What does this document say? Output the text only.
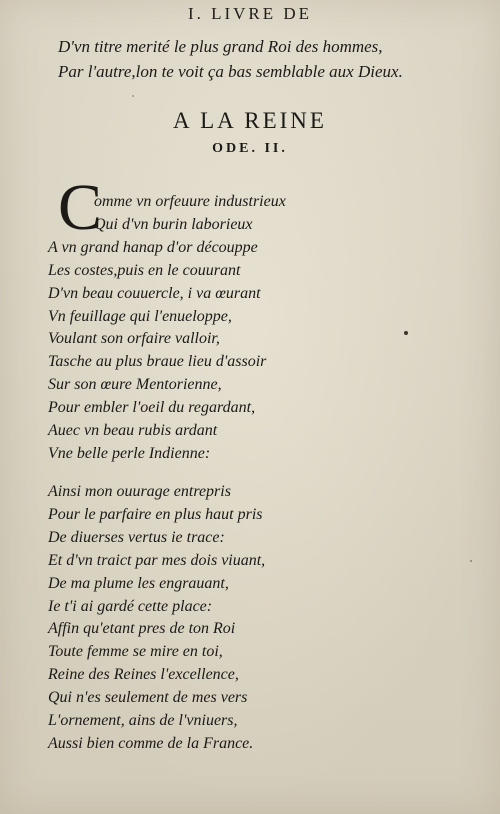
I. LIVRE DE
D'vn titre merité le plus grand Roi des hommes,
Par l'autre,lon te voit ça bas semblable aux Dieux.
A LA REINE
ODE. II.
C
omme vn orfeuure industrieux
Qui d'vn burin laborieux
A vn grand hanap d'or découppe
Les costes,puis en le couurant
D'vn beau couuercle, i va œurant
Vn feuillage qui l'enueloppe,
Voulant son orfaire valloir,
Tasche au plus braue lieu d'assoir
Sur son œure Mentorienne,
Pour embler l'oeil du regardant,
Auec vn beau rubis ardant
Vne belle perle Indienne:
Ainsi mon ouurage entrepris
Pour le parfaire en plus haut pris
De diuerses vertus ie trace:
Et d'vn traict par mes dois viuant,
De ma plume les engrauant,
Ie t'i ai gardé cette place:
Affin qu'etant pres de ton Roi
Toute femme se mire en toi,
Reine des Reines l'excellence,
Qui n'es seulement de mes vers
L'ornement, ains de l'vniuers,
Aussi bien comme de la France.
